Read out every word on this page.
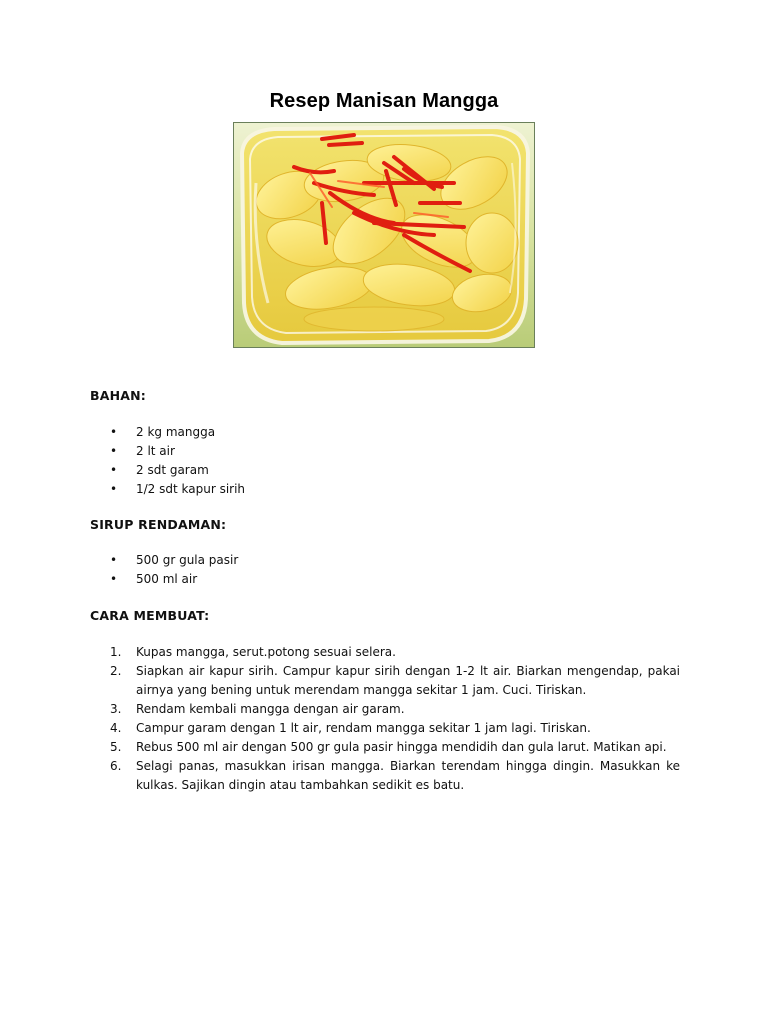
Resep Manisan Mangga
BAHAN:
• 2 kg mangga
• 2 lt air
• 2 sdt garam
• 1/2 sdt kapur sirih
SIRUP RENDAMAN:
• 500 gr gula pasir
• 500 ml air
CARA MEMBUAT:
1. Kupas mangga, serut.potong sesuai selera.
2. Siapkan air kapur sirih. Campur kapur sirih dengan 1-2 lt air. Biarkan mengendap, pakai airnya yang bening untuk merendam mangga sekitar 1 jam. Cuci. Tiriskan.
3. Rendam kembali mangga dengan air garam.
4. Campur garam dengan 1 lt air, rendam mangga sekitar 1 jam lagi. Tiriskan.
5. Rebus 500 ml air dengan 500 gr gula pasir hingga mendidih dan gula larut. Matikan api.
6. Selagi panas, masukkan irisan mangga. Biarkan terendam hingga dingin. Masukkan ke kulkas. Sajikan dingin atau tambahkan sedikit es batu.
